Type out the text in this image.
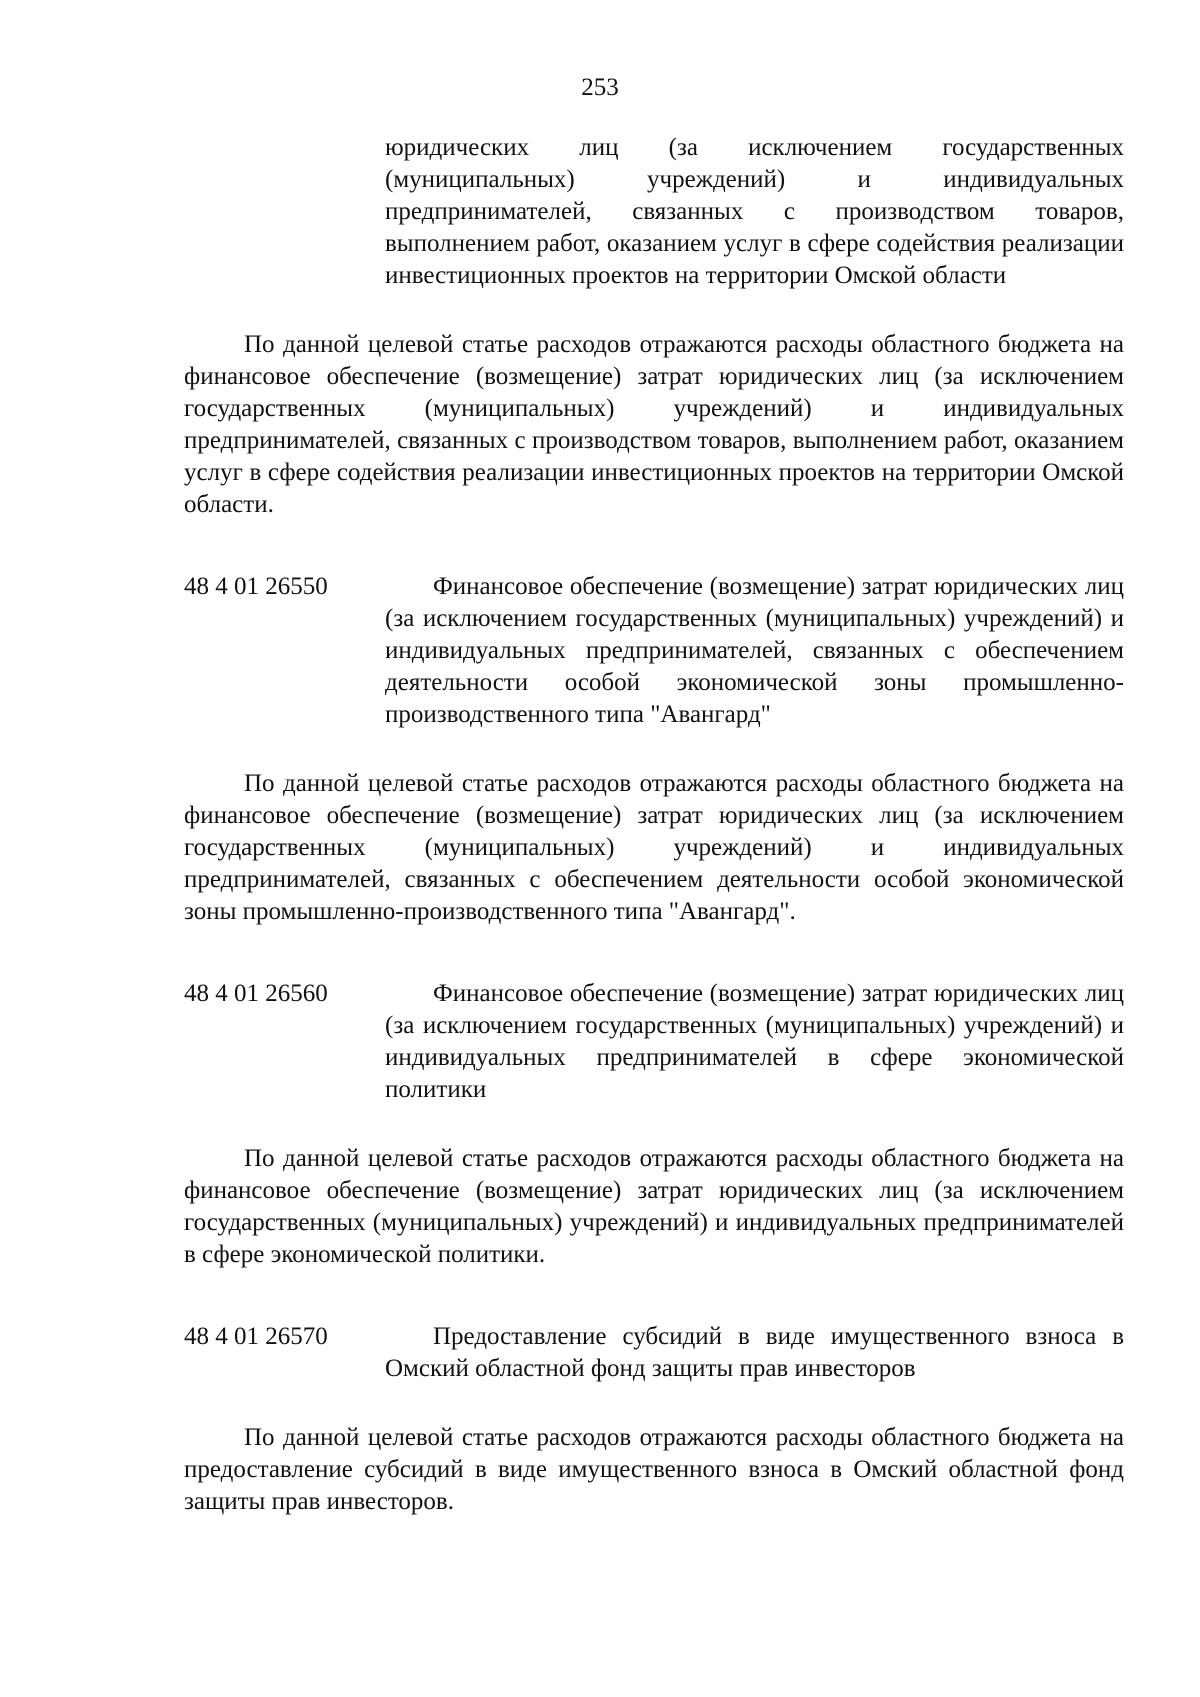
253
юридических лиц (за исключением государственных (муниципальных) учреждений) и индивидуальных предпринимателей, связанных с производством товаров, выполнением работ, оказанием услуг в сфере содействия реализации инвестиционных проектов на территории Омской области

По данной целевой статье расходов отражаются расходы областного бюджета на финансовое обеспечение (возмещение) затрат юридических лиц (за исключением государственных (муниципальных) учреждений) и индивидуальных предпринимателей, связанных с производством товаров, выполнением работ, оказанием услуг в сфере содействия реализации инвестиционных проектов на территории Омской области.

48 4 01 26550	Финансовое обеспечение (возмещение) затрат юридических лиц (за исключением государственных (муниципальных) учреждений) и индивидуальных предпринимателей, связанных с обеспечением деятельности особой экономической зоны промышленно-производственного типа "Авангард"

По данной целевой статье расходов отражаются расходы областного бюджета на финансовое обеспечение (возмещение) затрат юридических лиц (за исключением государственных (муниципальных) учреждений) и индивидуальных предпринимателей, связанных с обеспечением деятельности особой экономической зоны промышленно-производственного типа "Авангард".

48 4 01 26560	Финансовое обеспечение (возмещение) затрат юридических лиц (за исключением государственных (муниципальных) учреждений) и индивидуальных предпринимателей в сфере экономической политики

По данной целевой статье расходов отражаются расходы областного бюджета на финансовое обеспечение (возмещение) затрат юридических лиц (за исключением государственных (муниципальных) учреждений) и индивидуальных предпринимателей в сфере экономической политики.

48 4 01 26570	Предоставление субсидий в виде имущественного взноса в Омский областной фонд защиты прав инвесторов

По данной целевой статье расходов отражаются расходы областного бюджета на предоставление субсидий в виде имущественного взноса в Омский областной фонд защиты прав инвесторов.
